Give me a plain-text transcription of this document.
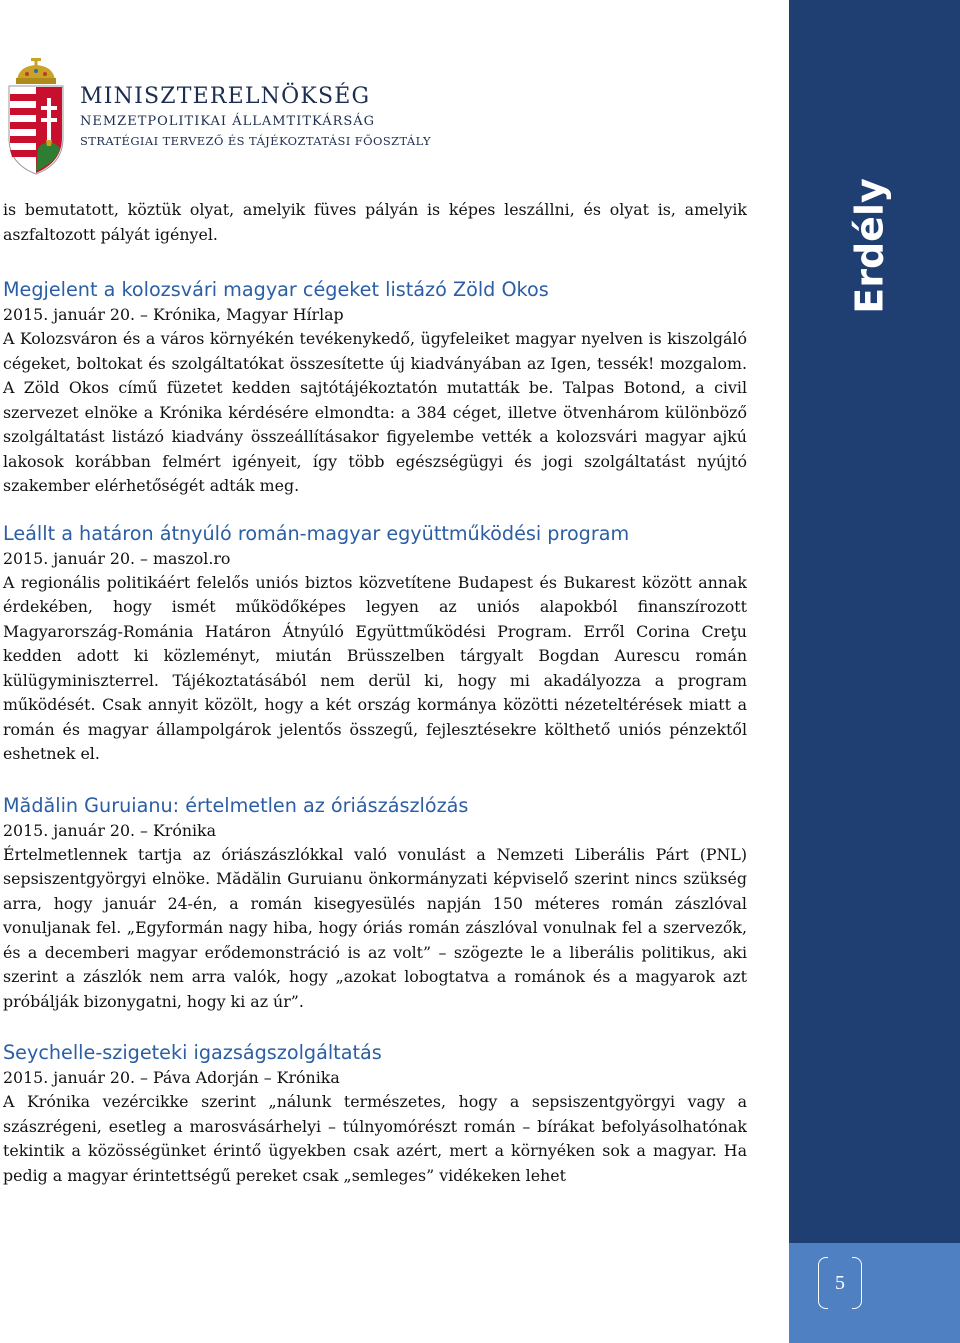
Erdély
5
MINISZTERELNÖKSÉG
NEMZETPOLITIKAI ÁLLAMTITKÁRSÁG
STRATÉGIAI TERVEZŐ ÉS TÁJÉKOZTATÁSI FŐOSZTÁLY

is bemutatott, köztük olyat, amelyik füves pályán is képes leszállni, és olyat is, amelyik aszfaltozott pályát igényel.

Megjelent a kolozsvári magyar cégeket listázó Zöld Okos
2015. január 20. – Krónika, Magyar Hírlap

A Kolozsváron és a város környékén tevékenykedő, ügyfeleiket magyar nyelven is kiszolgáló cégeket, boltokat és szolgáltatókat összesítette új kiadványában az Igen, tessék! mozgalom. A Zöld Okos című füzetet kedden sajtótájékoztatón mutatták be. Talpas Botond, a civil szervezet elnöke a Krónika kérdésére elmondta: a 384 céget, illetve ötvenhárom különböző szolgáltatást listázó kiadvány összeállításakor figyelembe vették a kolozsvári magyar ajkú lakosok korábban felmért igényeit, így több egészségügyi és jogi szolgáltatást nyújtó szakember elérhetőségét adták meg.

Leállt a határon átnyúló román-magyar együttműködési program
2015. január 20. – maszol.ro

A regionális politikáért felelős uniós biztos közvetítene Budapest és Bukarest között annak érdekében, hogy ismét működőképes legyen az uniós alapokból finanszírozott Magyarország-Románia Határon Átnyúló Együttműködési Program. Erről Corina Creţu kedden adott ki közleményt, miután Brüsszelben tárgyalt Bogdan Aurescu román külügyminiszterrel. Tájékoztatásából nem derül ki, hogy mi akadályozza a program működését. Csak annyit közölt, hogy a két ország kormánya közötti nézeteltérések miatt a román és magyar állampolgárok jelentős összegű, fejlesztésekre költhető uniós pénzektől eshetnek el.

Mădălin Guruianu: értelmetlen az óriászászlózás
2015. január 20. – Krónika

Értelmetlennek tartja az óriászászlókkal való vonulást a Nemzeti Liberális Párt (PNL) sepsiszentgyörgyi elnöke. Mădălin Guruianu önkormányzati képviselő szerint nincs szükség arra, hogy január 24-én, a román kisegyesülés napján 150 méteres román zászlóval vonuljanak fel. „Egyformán nagy hiba, hogy óriás román zászlóval vonulnak fel a szervezők, és a decemberi magyar erődemonstráció is az volt” – szögezte le a liberális politikus, aki szerint a zászlók nem arra valók, hogy „azokat lobogtatva a románok és a magyarok azt próbálják bizonygatni, hogy ki az úr”.

Seychelle-szigeteki igazságszolgáltatás
2015. január 20. – Páva Adorján – Krónika

A Krónika vezércikke szerint „nálunk természetes, hogy a sepsiszentgyörgyi vagy a szászrégeni, esetleg a marosvásárhelyi – túlnyomórészt román – bírákat befolyásolhatónak tekintik a közösségünket érintő ügyekben csak azért, mert a környéken sok a magyar. Ha pedig a magyar érintettségű pereket csak „semleges” vidékeken lehet
